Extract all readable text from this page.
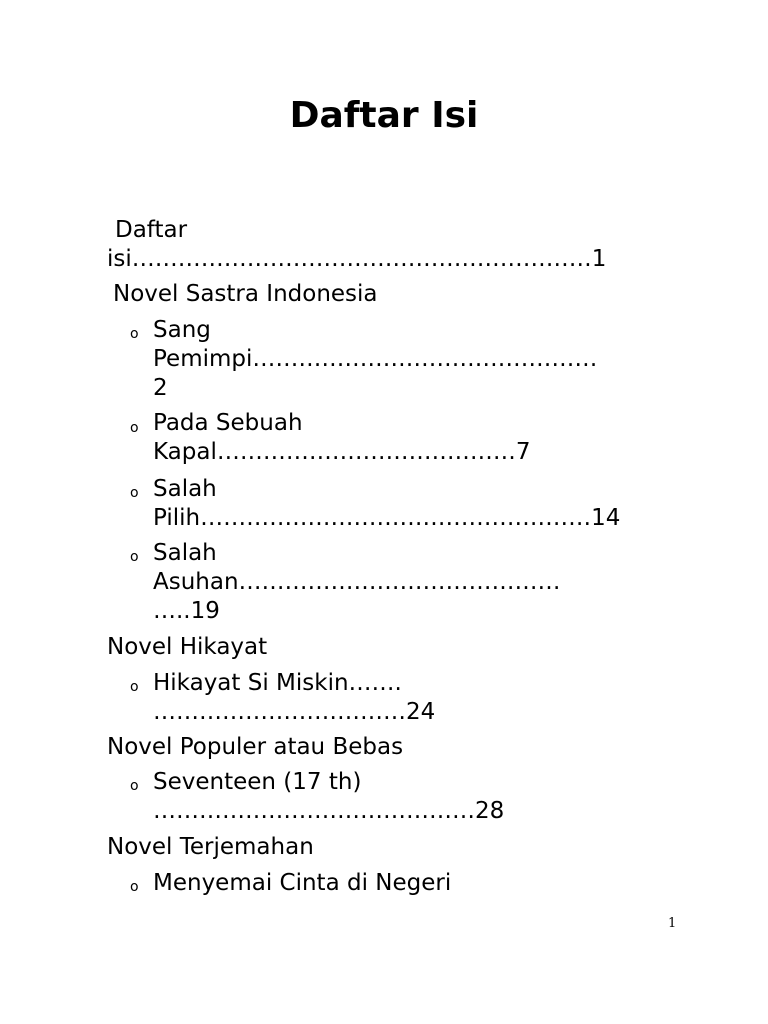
Daftar Isi
Daftar
isi……………………………………………………1
Novel Sastra Indonesia
o Sang
Pemimpi………………………………………
2
o Pada Sebuah
Kapal…………………………………7
o Salah
Pilih……………………………………………14
o Salah
Asuhan……………………………………
…..19
Novel Hikayat
o Hikayat Si Miskin…….
……………………………24
Novel Populer atau Bebas
o Seventeen (17 th)
……………………………………28
Novel Terjemahan
o Menyemai Cinta di Negeri
1
